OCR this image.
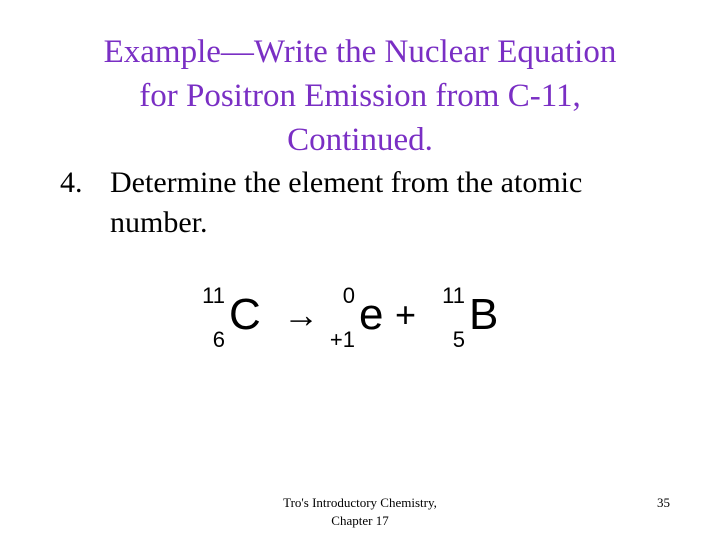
Example—Write the Nuclear Equation
for Positron Emission from C-11,
Continued.
4. Determine the element from the atomic number.
11
6
C →	0
+1
e +	11
5
B
Tro's Introductory Chemistry,
Chapter 17
35
